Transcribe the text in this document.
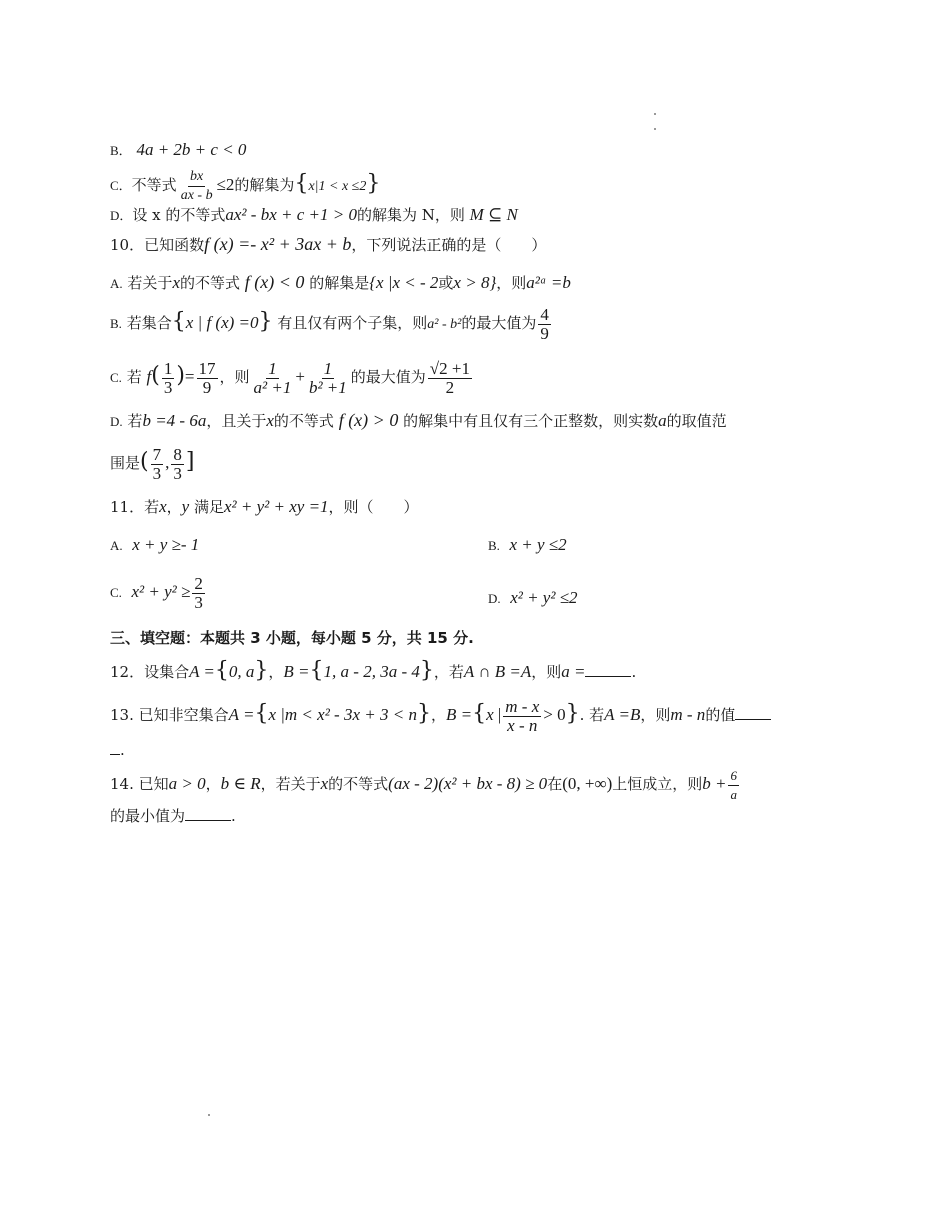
B． 4a + 2b + c < 0
C．不等式 $\frac{bx}{ax - b} \le 2$的解集为{x|1 < x ≤2}
D．设 x 的不等式ax² - bx + c +1 > 0的解集为 N，则 M ⊆ N
10．已知函数f (x) =- x² + 3ax + b，下列说法正确的是（　　）
A. 若关于x的不等式 f (x) < 0 的解集是{x |x < - 2或x > 8}，则a²ᵃ =b
B. 若集合{x | f (x) =0} 有且仅有两个子集，则a² - b²的最大值为 $\frac{4}{9}$
C. 若 $f( \frac{1}{3}$ )= $\frac{17}{9}$ ，则 $\frac{1}{\text{a² +1}} + \frac{1}{\text{b² +1}}$ 的最大值为 $\frac{√2 +1}{2}$
D. 若b =4 - 6a，且关于x的不等式 f (x) > 0 的解集中有且仅有三个正整数，则实数a的取值范
围是( $\frac{7}{3}$ , $\frac{8}{3}$ ]
11．若x，y 满足x² + y² + xy =1，则（　　）
A. x + y ≥- 1	B. x + y ≤2
C. $x^2 + y^2 \ge \frac{2}{3}$	D. x² + y² ≤2
三、填空题：本题共 3 小题，每小题 5 分，共 15 分.
12．设集合A ={0, a}，B ={1, a - 2, 3a - 4}，若A ∩ B =A，则a =	.
13. 已知非空集合A ={x |m < x² - 3x + 3 < n}，B ={x | $\frac{m - x}{x - n} > 0$}. 若A =B，则m - n的值
.
14. 已知a > 0，b ∈ R，若关于x的不等式(ax - 2)(x² + bx - 8) ≥ 0在(0, +∞)上恒成立，则$b + \frac{6}{a}$
的最小值为	.
